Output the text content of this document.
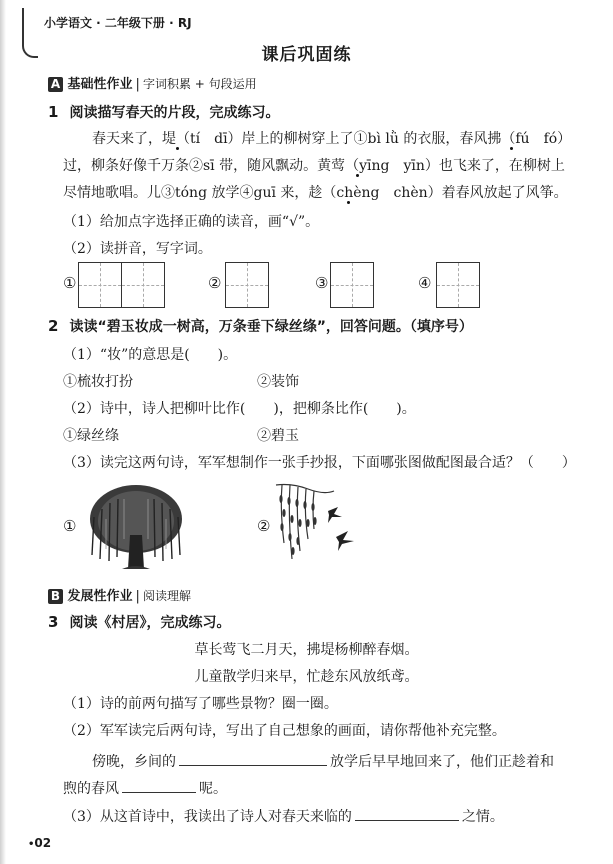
小学语文 · 二年级下册 · RJ
课后巩固练
A 基础性作业 | 字词积累 + 句段运用
1 阅读描写春天的片段，完成练习。
春天来了，堤（tí　dī）岸上的柳树穿上了①bì lǜ 的衣服，春风拂（fú　fó）
过，柳条好像千万条②sī 带，随风飘动。黄莺（yīng　yīn）也飞来了，在柳树上
尽情地歌唱。儿③tóng 放学④guī 来，趁（chèng　chèn）着春风放起了风筝。
（1）给加点字选择正确的读音，画“√”。
（2）读拼音，写字词。
①	②	③	④
2 读读“碧玉妆成一树高，万条垂下绿丝绦”，回答问题。（填序号）
（1）“妆”的意思是(　　)。
①梳妆打扮	②装饰
（2）诗中，诗人把柳叶比作(　　)，把柳条比作(　　)。
①绿丝绦	②碧玉
（3）读完这两句诗，军军想制作一张手抄报，下面哪张图做配图最合适？（　　）
①	②
B 发展性作业 | 阅读理解
3 阅读《村居》，完成练习。
草长莺飞二月天，拂堤杨柳醉春烟。
儿童散学归来早，忙趁东风放纸鸢。
（1）诗的前两句描写了哪些景物？圈一圈。
（2）军军读完后两句诗，写出了自己想象的画面，请你帮他补充完整。
傍晚，乡间的	放学后早早地回来了，他们正趁着和
煦的春风	呢。
（3）从这首诗中，我读出了诗人对春天来临的	之情。
•02
